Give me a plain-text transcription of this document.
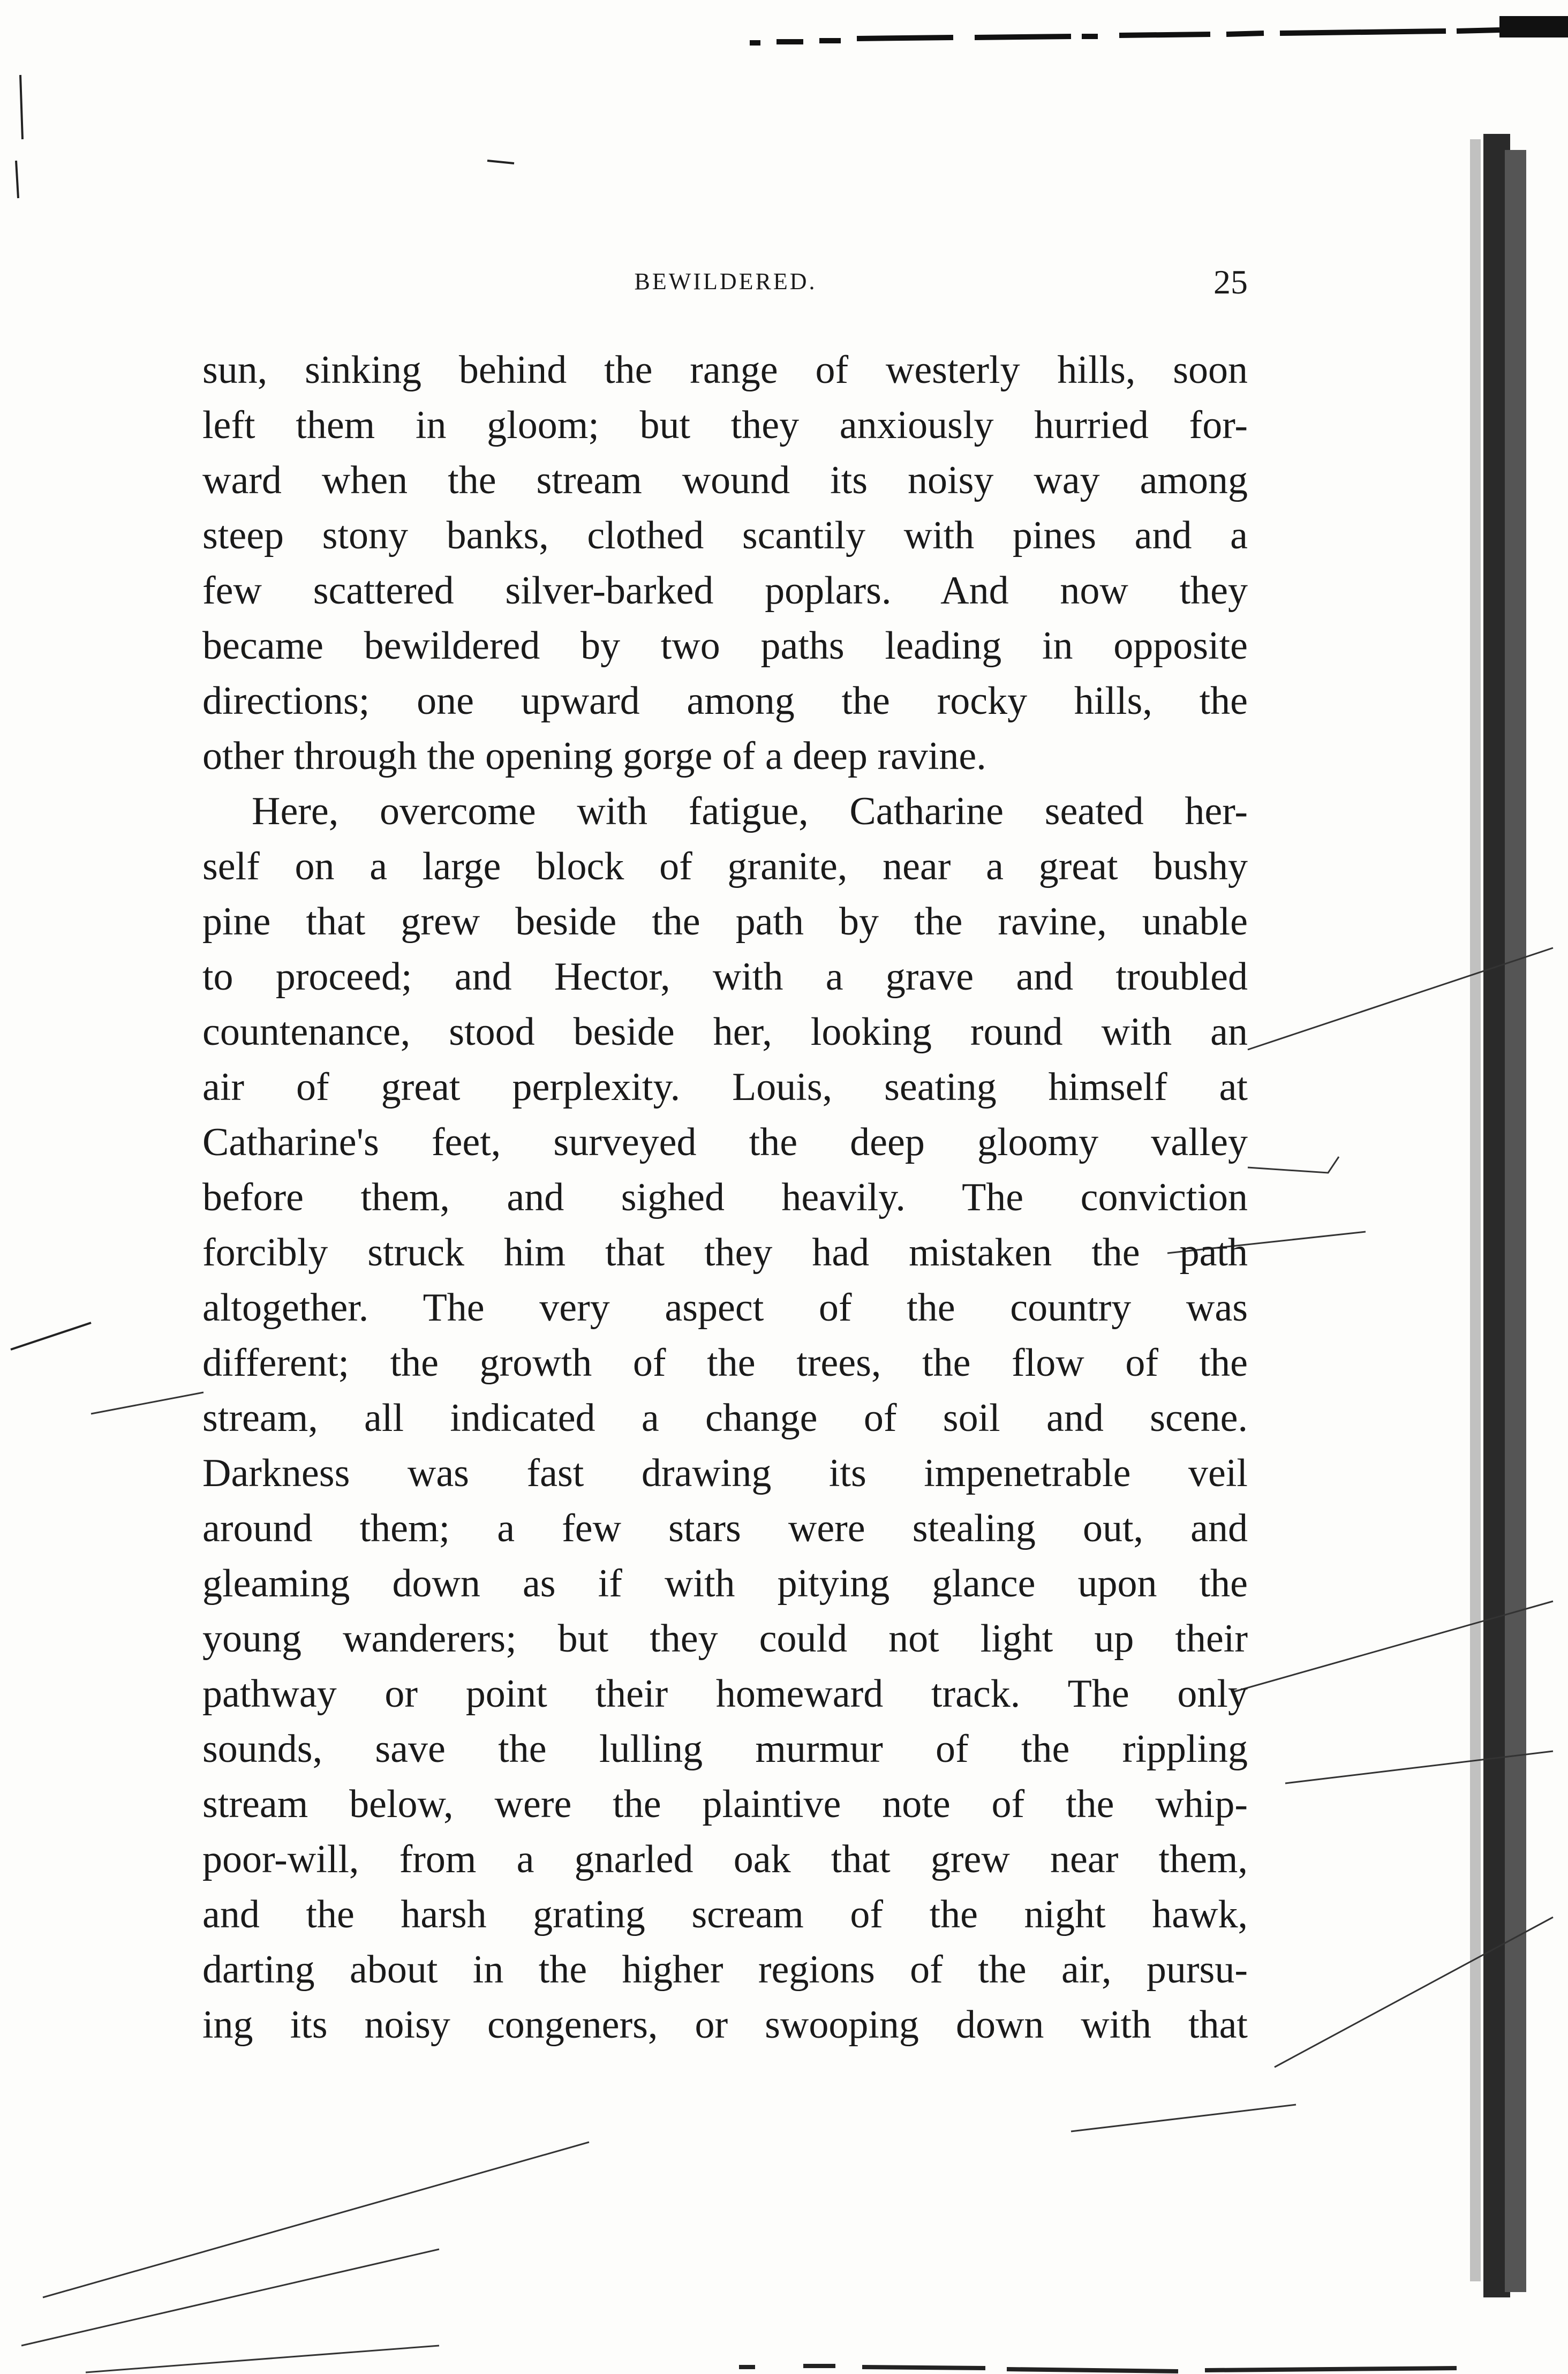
BEWILDERED.	25
sun, sinking behind the range of westerly hills, soon
left them in gloom; but they anxiously hurried for-
ward when the stream wound its noisy way among
steep stony banks, clothed scantily with pines and a
few scattered silver-barked poplars. And now they
became bewildered by two paths leading in opposite
directions; one upward among the rocky hills, the
other through the opening gorge of a deep ravine.
Here, overcome with fatigue, Catharine seated her-
self on a large block of granite, near a great bushy
pine that grew beside the path by the ravine, unable
to proceed; and Hector, with a grave and troubled
countenance, stood beside her, looking round with an
air of great perplexity. Louis, seating himself at
Catharine's feet, surveyed the deep gloomy valley
before them, and sighed heavily. The conviction
forcibly struck him that they had mistaken the path
altogether. The very aspect of the country was
different; the growth of the trees, the flow of the
stream, all indicated a change of soil and scene.
Darkness was fast drawing its impenetrable veil
around them; a few stars were stealing out, and
gleaming down as if with pitying glance upon the
young wanderers; but they could not light up their
pathway or point their homeward track. The only
sounds, save the lulling murmur of the rippling
stream below, were the plaintive note of the whip-
poor-will, from a gnarled oak that grew near them,
and the harsh grating scream of the night hawk,
darting about in the higher regions of the air, pursu-
ing its noisy congeners, or swooping down with that
